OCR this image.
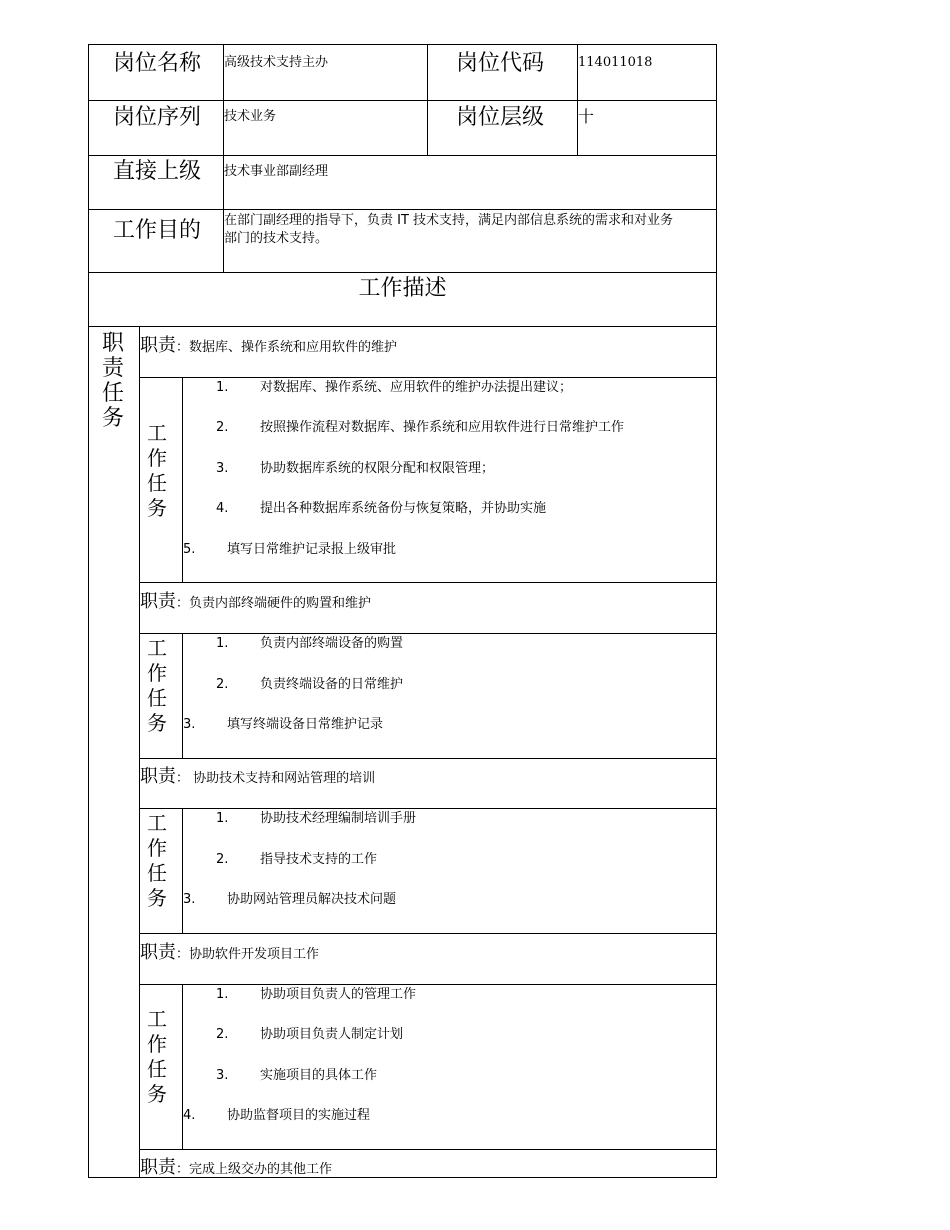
岗位名称 高级技术支持主办	岗位代码	114011018
岗位序列 技术业务	岗位层级 十
直接上级 技术事业部副经理
工作目的 在部门副经理的指导下，负责 IT 技术支持，满足内部信息系统的需求和对业务
部门的技术支持。
工作描述
职
责
任
务
职责：数据库、操作系统和应用软件的维护
工
作
任
务
1. 对数据库、操作系统、应用软件的维护办法提出建议；
2. 按照操作流程对数据库、操作系统和应用软件进行日常维护工作
3. 协助数据库系统的权限分配和权限管理；
4. 提出各种数据库系统备份与恢复策略，并协助实施
5. 填写日常维护记录报上级审批
职责：负责内部终端硬件的购置和维护
工
作
任
务
1. 负责内部终端设备的购置
2. 负责终端设备的日常维护
3. 填写终端设备日常维护记录
职责： 协助技术支持和网站管理的培训
工
作
任
务
1. 协助技术经理编制培训手册
2. 指导技术支持的工作
3. 协助网站管理员解决技术问题
职责：协助软件开发项目工作
工
作
任
务
1. 协助项目负责人的管理工作
2. 协助项目负责人制定计划
3. 实施项目的具体工作
4. 协助监督项目的实施过程
职责：完成上级交办的其他工作
